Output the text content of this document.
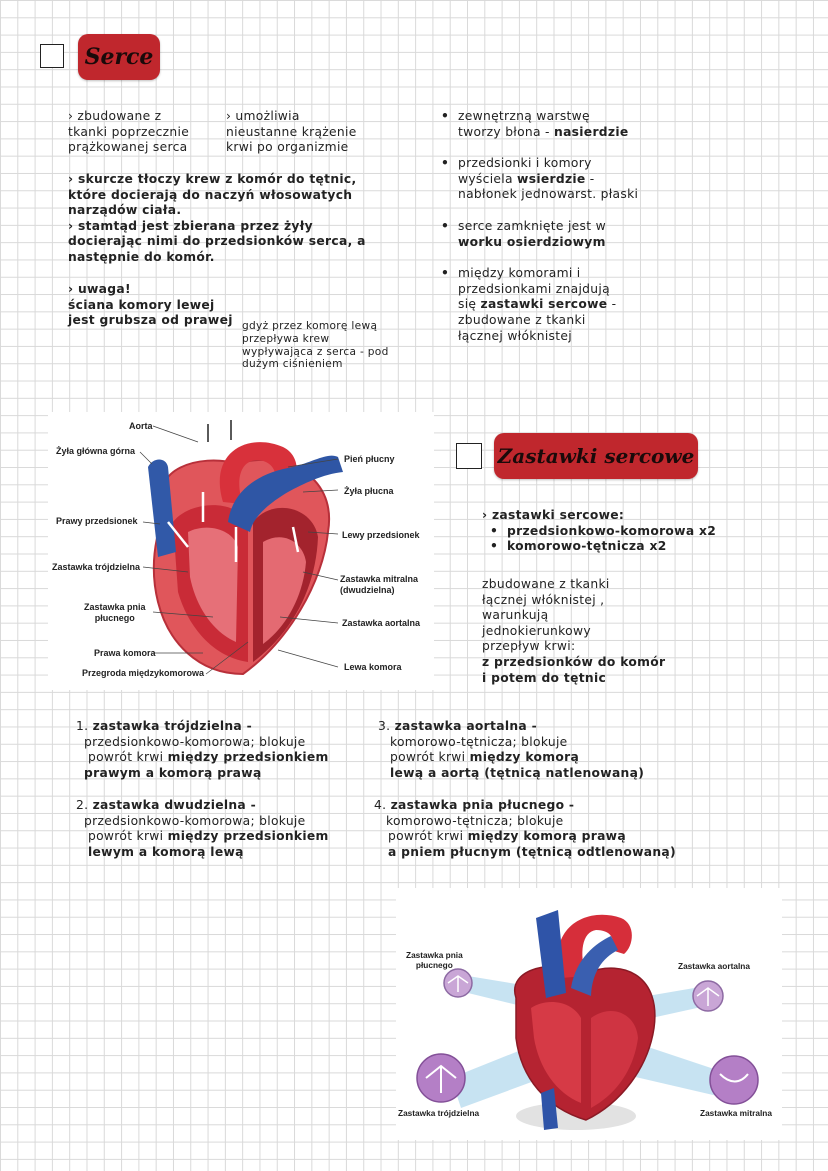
Serce
› zbudowane z
tkanki poprzecznie
prążkowanej serca
› umożliwia
nieustanne krążenie
krwi po organizmie
› skurcze tłoczy krew z komór do tętnic,
które docierają do naczyń włosowatych
narządów ciała.
› stamtąd jest zbierana przez żyły
docierając nimi do przedsionków serca, a
następnie do komór.
› uwaga!
ściana komory lewej
jest grubsza od prawej gdyż przez komorę lewą
przepływa krew
wypływająca z serca - pod
dużym ciśnieniem
• zewnętrzną warstwę
tworzy błona - nasierdzie
• przedsionki i komory
wyściela wsierdzie -
nabłonek jednowarst. płaski
• serce zamknięte jest w
worku osierdziowym
• między komorami i
przedsionkami znajdują
się zastawki sercowe -
zbudowane z tkanki
łącznej włóknistej
Aorta
Żyła główna górna
Prawy przedsionek
Zastawka trójdzielna
Zastawka pnia
płucnego
Prawa komora
Przegroda międzykomorowa
Pień płucny
Żyła płucna
Lewy przedsionek
Zastawka mitralna
(dwudzielna)
Zastawka aortalna
Lewa komora
Zastawki sercowe
› zastawki sercowe:
• przedsionkowo-komorowa x2
• komorowo-tętnicza x2
zbudowane z tkanki
łącznej włóknistej ,
warunkują
jednokierunkowy
przepływ krwi:
z przedsionków do komór
i potem do tętnic
1. zastawka trójdzielna -
przedsionkowo-komorowa; blokuje
powrót krwi między przedsionkiem
prawym a komorą prawą
2. zastawka dwudzielna -
przedsionkowo-komorowa; blokuje
powrót krwi między przedsionkiem
lewym a komorą lewą
3. zastawka aortalna -
komorowo-tętnicza; blokuje
powrót krwi między komorą
lewą a aortą (tętnicą natlenowaną)
4. zastawka pnia płucnego -
komorowo-tętnicza; blokuje
powrót krwi między komorą prawą
a pniem płucnym (tętnicą odtlenowaną)
Zastawka pnia
płucnego	Zastawka aortalna
Zastawka trójdzielna	Zastawka mitralna
